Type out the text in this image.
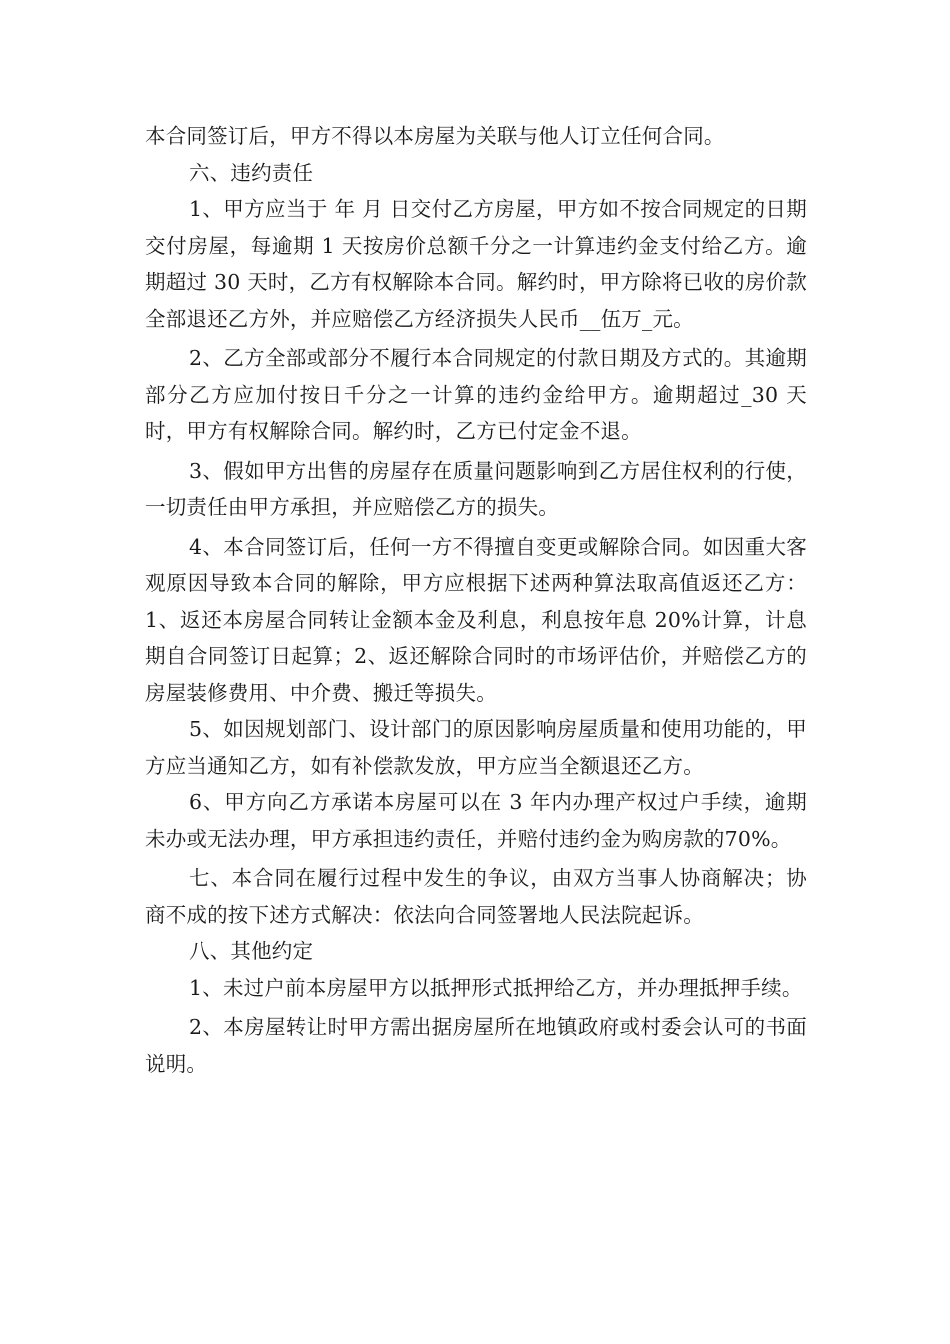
本合同签订后，甲方不得以本房屋为关联与他人订立任何合同。

六、违约责任

1、甲方应当于 年 月 日交付乙方房屋，甲方如不按合同规定的日期交付房屋，每逾期 1 天按房价总额千分之一计算违约金支付给乙方。逾期超过 30 天时，乙方有权解除本合同。解约时，甲方除将已收的房价款全部退还乙方外，并应赔偿乙方经济损失人民币__伍万_元。

2、乙方全部或部分不履行本合同规定的付款日期及方式的。其逾期部分乙方应加付按日千分之一计算的违约金给甲方。逾期超过_30 天时，甲方有权解除合同。解约时，乙方已付定金不退。

3、假如甲方出售的房屋存在质量问题影响到乙方居住权利的行使，一切责任由甲方承担，并应赔偿乙方的损失。

4、本合同签订后，任何一方不得擅自变更或解除合同。如因重大客观原因导致本合同的解除，甲方应根据下述两种算法取高值返还乙方：1、返还本房屋合同转让金额本金及利息，利息按年息 20%计算，计息期自合同签订日起算；2、返还解除合同时的市场评估价，并赔偿乙方的房屋装修费用、中介费、搬迁等损失。

5、如因规划部门、设计部门的原因影响房屋质量和使用功能的，甲方应当通知乙方，如有补偿款发放，甲方应当全额退还乙方。

6、甲方向乙方承诺本房屋可以在 3 年内办理产权过户手续，逾期未办或无法办理，甲方承担违约责任，并赔付违约金为购房款的70%。

七、本合同在履行过程中发生的争议，由双方当事人协商解决；协商不成的按下述方式解决：依法向合同签署地人民法院起诉。

八、其他约定

1、未过户前本房屋甲方以抵押形式抵押给乙方，并办理抵押手续。

2、本房屋转让时甲方需出据房屋所在地镇政府或村委会认可的书面说明。
